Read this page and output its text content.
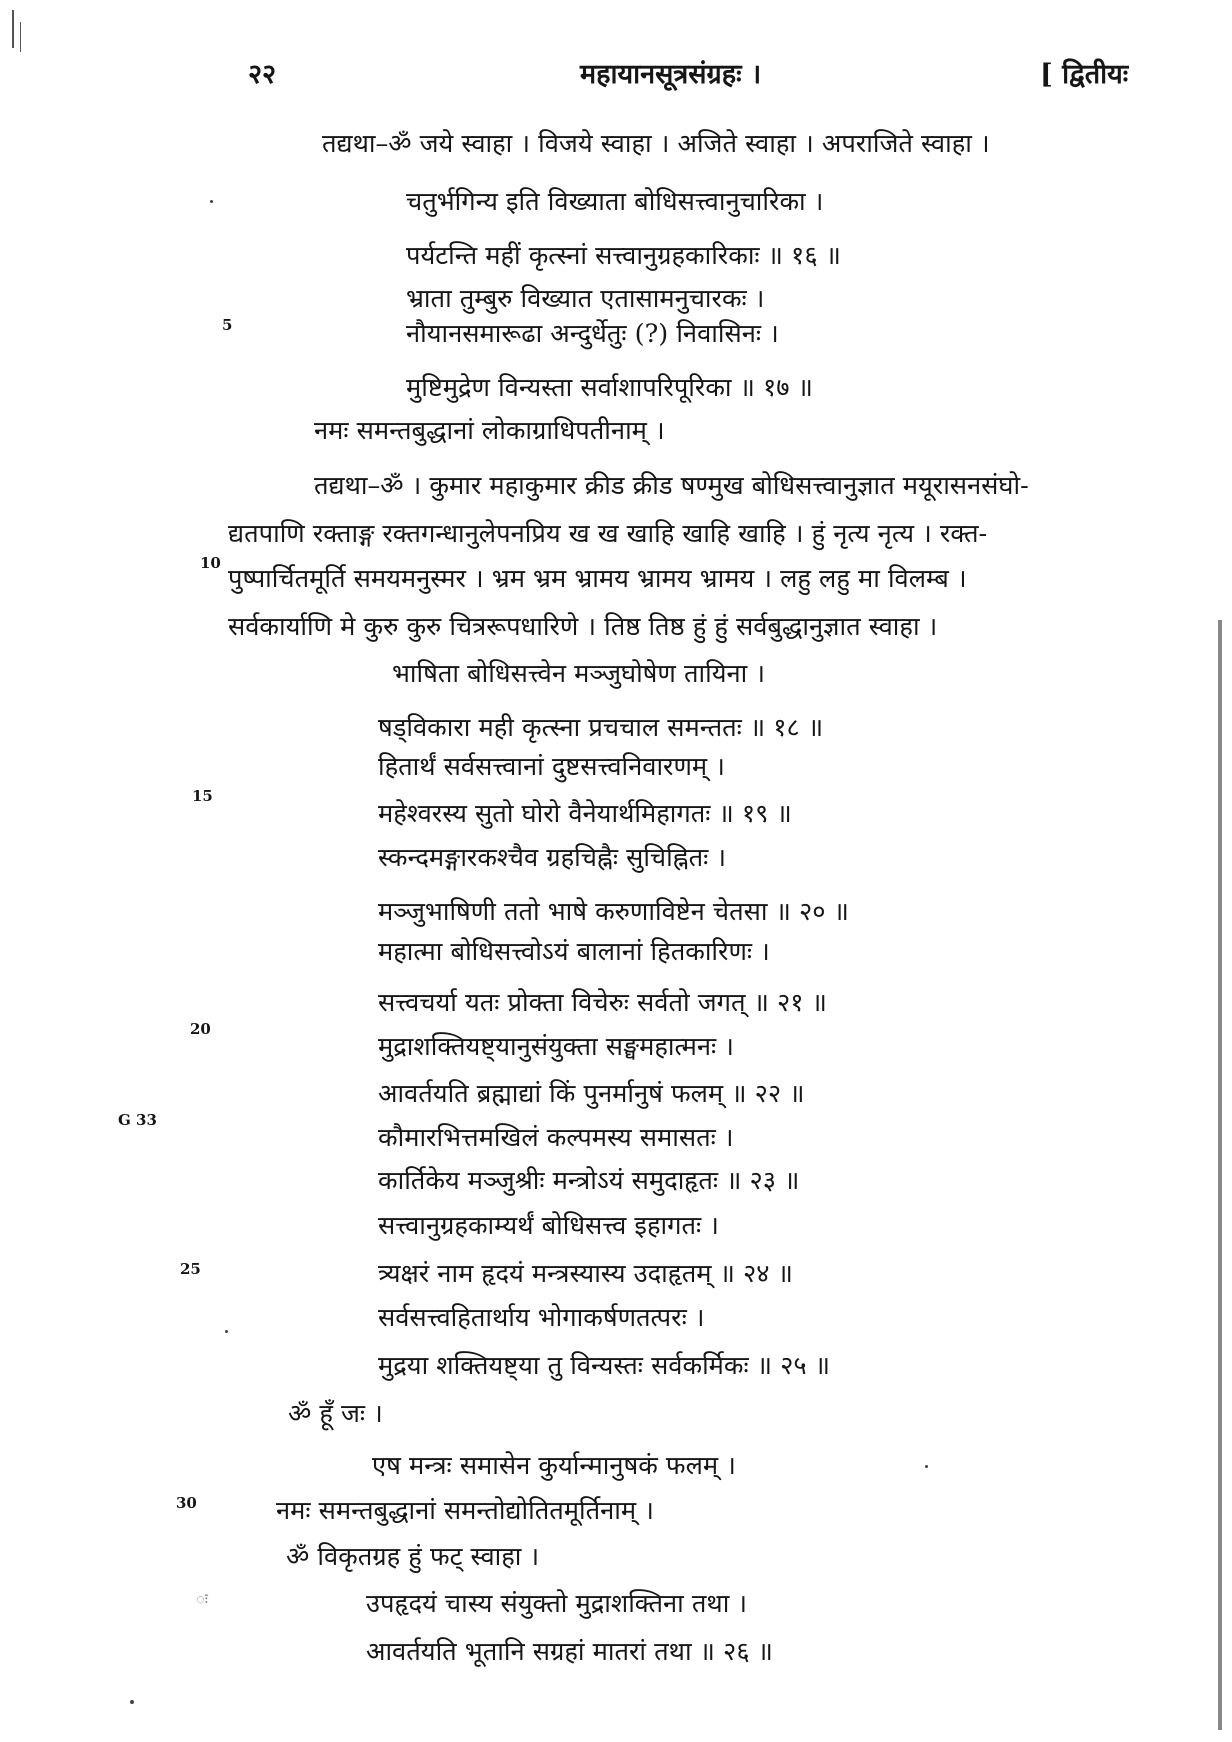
२२	महायानसूत्रसंग्रहः ।	[ द्वितीयः
तद्यथा–ॐ जये स्वाहा । विजये स्वाहा । अजिते स्वाहा । अपराजिते स्वाहा ।
चतुर्भगिन्य इति विख्याता बोधिसत्त्वानुचारिका ।
पर्यटन्ति महीं कृत्स्नां सत्त्वानुग्रहकारिकाः ॥ १६ ॥
भ्राता तुम्बुरु विख्यात एतासामनुचारकः ।
नौयानसमारूढा अन्दुर्धेतुः (?) निवासिनः ।
मुष्टिमुद्रेण विन्यस्ता सर्वाशापरिपूरिका ॥ १७ ॥
नमः समन्तबुद्धानां लोकाग्राधिपतीनाम् ।
तद्यथा–ॐ । कुमार महाकुमार क्रीड क्रीड षण्मुख बोधिसत्त्वानुज्ञात मयूरासनसंघो-
द्यतपाणि रक्ताङ्ग रक्तगन्धानुलेपनप्रिय ख ख खाहि खाहि खाहि । हुं नृत्य नृत्य । रक्त-
पुष्पार्चितमूर्ति समयमनुस्मर । भ्रम भ्रम भ्रामय भ्रामय भ्रामय । लहु लहु मा विलम्ब ।
सर्वकार्याणि मे कुरु कुरु चित्ररूपधारिणे । तिष्ठ तिष्ठ हुं हुं सर्वबुद्धानुज्ञात स्वाहा ।
भाषिता बोधिसत्त्वेन मञ्जुघोषेण तायिना ।
षड्विकारा मही कृत्स्ना प्रचचाल समन्ततः ॥ १८ ॥
हितार्थं सर्वसत्त्वानां दुष्टसत्त्वनिवारणम् ।
महेश्वरस्य सुतो घोरो वैनेयार्थमिहागतः ॥ १९ ॥
स्कन्दमङ्गारकश्चैव ग्रहचिह्नैः सुचिह्नितः ।
मञ्जुभाषिणी ततो भाषे करुणाविष्टेन चेतसा ॥ २० ॥
महात्मा बोधिसत्त्वोऽयं बालानां हितकारिणः ।
सत्त्वचर्या यतः प्रोक्ता विचेरुः सर्वतो जगत् ॥ २१ ॥
मुद्राशक्तियष्ट्यानुसंयुक्ता सङ्घमहात्मनः ।
आवर्तयति ब्रह्माद्यां किं पुनर्मानुषं फलम् ॥ २२ ॥
कौमारभित्तमखिलं कल्पमस्य समासतः ।
कार्तिकेय मञ्जुश्रीः मन्त्रोऽयं समुदाहृतः ॥ २३ ॥
सत्त्वानुग्रहकाम्यर्थं बोधिसत्त्व इहागतः ।
त्र्यक्षरं नाम हृदयं मन्त्रस्यास्य उदाहृतम् ॥ २४ ॥
सर्वसत्त्वहितार्थाय भोगाकर्षणतत्परः ।
मुद्रया शक्तियष्ट्या तु विन्यस्तः सर्वकर्मिकः ॥ २५ ॥
ॐ हूँ जः ।
एष मन्त्रः समासेन कुर्यान्मानुषकं फलम् ।
नमः समन्तबुद्धानां समन्तोद्योतितमूर्तिनाम् ।
ॐ विकृतग्रह हुं फट् स्वाहा ।
उपहृदयं चास्य संयुक्तो मुद्राशक्तिना तथा ।
आवर्तयति भूतानि सग्रहां मातरां तथा ॥ २६ ॥
5
10
15
20
G 33
25
30
ः
